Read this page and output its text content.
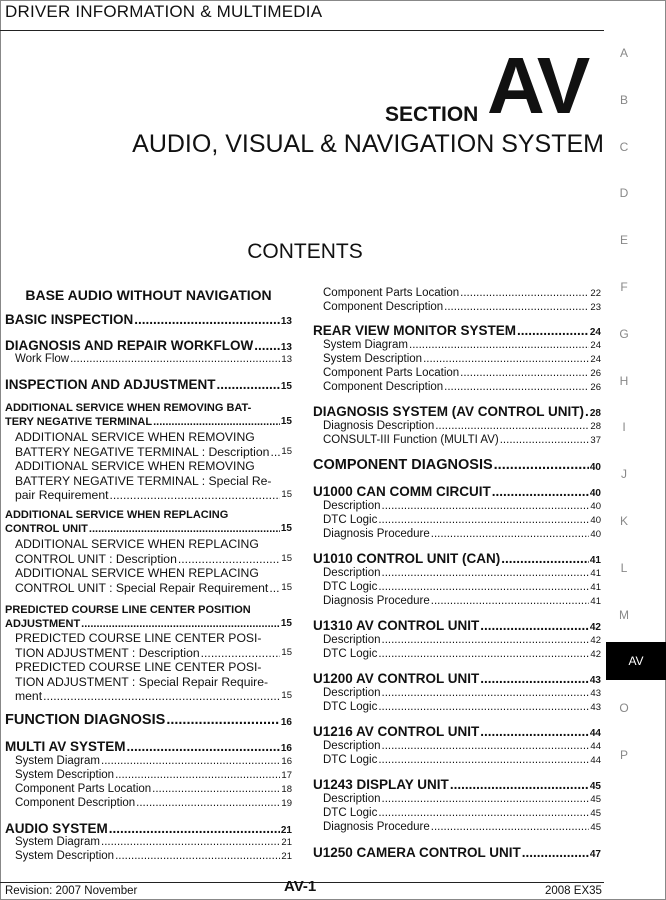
DRIVER INFORMATION & MULTIMEDIA
SECTION AV
AUDIO, VISUAL & NAVIGATION SYSTEM
CONTENTS
BASE AUDIO WITHOUT NAVIGATION
BASIC INSPECTION .....	13
DIAGNOSIS AND REPAIR WORKFLOW .....	13
Work Flow .....	13
INSPECTION AND ADJUSTMENT .....	15
ADDITIONAL SERVICE WHEN REMOVING BAT-
TERY NEGATIVE TERMINAL .....	15
ADDITIONAL SERVICE WHEN REMOVING
BATTERY NEGATIVE TERMINAL : Description ..... 15
ADDITIONAL SERVICE WHEN REMOVING
BATTERY NEGATIVE TERMINAL : Special Re-
pair Requirement .....	15
ADDITIONAL SERVICE WHEN REPLACING
CONTROL UNIT .....	15
ADDITIONAL SERVICE WHEN REPLACING
CONTROL UNIT : Description .....	15
ADDITIONAL SERVICE WHEN REPLACING
CONTROL UNIT : Special Repair Requirement ..... 15
PREDICTED COURSE LINE CENTER POSITION
ADJUSTMENT .....	15
PREDICTED COURSE LINE CENTER POSI-
TION ADJUSTMENT : Description .....	15
PREDICTED COURSE LINE CENTER POSI-
TION ADJUSTMENT : Special Repair Require-
ment .....	15
FUNCTION DIAGNOSIS .....	16
MULTI AV SYSTEM .....	16
System Diagram .....	16
System Description .....	17
Component Parts Location .....	18
Component Description .....	19
AUDIO SYSTEM .....	21
System Diagram .....	21
System Description .....	21
Component Parts Location .....	22
Component Description .....	23
REAR VIEW MONITOR SYSTEM .....	24
System Diagram .....	24
System Description .....	24
Component Parts Location .....	26
Component Description .....	26
DIAGNOSIS SYSTEM (AV CONTROL UNIT) ..... 28
Diagnosis Description .....	28
CONSULT-III Function (MULTI AV) .....	37
COMPONENT DIAGNOSIS .....	40
U1000 CAN COMM CIRCUIT .....	40
Description .....	40
DTC Logic .....	40
Diagnosis Procedure .....	40
U1010 CONTROL UNIT (CAN) .....	41
Description .....	41
DTC Logic .....	41
Diagnosis Procedure .....	41
U1310 AV CONTROL UNIT .....	42
Description .....	42
DTC Logic .....	42
U1200 AV CONTROL UNIT .....	43
Description .....	43
DTC Logic .....	43
U1216 AV CONTROL UNIT .....	44
Description .....	44
DTC Logic .....	44
U1243 DISPLAY UNIT .....	45
Description .....	45
DTC Logic .....	45
Diagnosis Procedure .....	45
U1250 CAMERA CONTROL UNIT .....	47
A
B
C
D
E
F
G
H
I
J
K
L
M
AV
O
P
Revision: 2007 November	AV-1	2008 EX35
